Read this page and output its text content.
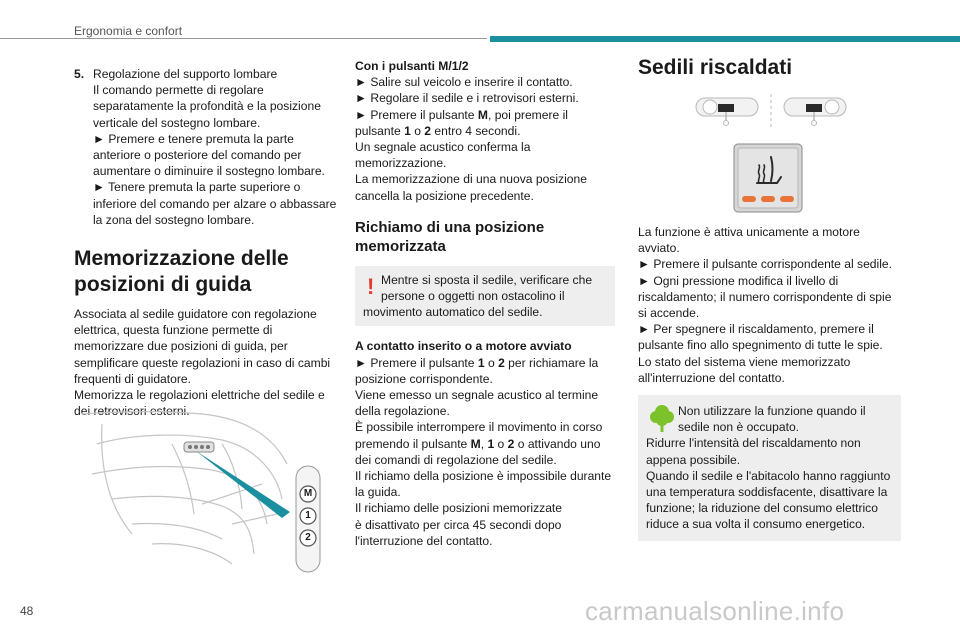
Ergonomia e confort
5. Regolazione del supporto lombare

Il comando permette di regolare

separatamente la profondità e la posizione

verticale del sostegno lombare.

► Premere e tenere premuta la parte

anteriore o posteriore del comando per

aumentare o diminuire il sostegno lombare.

► Tenere premuta la parte superiore o

inferiore del comando per alzare o abbassare

la zona del sostegno lombare.

Memorizzazione delle

posizioni di guida

Associata al sedile guidatore con regolazione

elettrica, questa funzione permette di

memorizzare due posizioni di guida, per

semplificare queste regolazioni in caso di cambi

frequenti di guidatore.

Memorizza le regolazioni elettriche del sedile e

dei retrovisori esterni.

M
1
2

Con i pulsanti M/1/2

► Salire sul veicolo e inserire il contatto.

► Regolare il sedile e i retrovisori esterni.

► Premere il pulsante M, poi premere il

pulsante 1 o 2 entro 4 secondi.

Un segnale acustico conferma la

memorizzazione.

La memorizzazione di una nuova posizione

cancella la posizione precedente.

Richiamo di una posizione

memorizzata

! Mentre si sposta il sedile, verificare che

persone o oggetti non ostacolino il

movimento automatico del sedile.

A contatto inserito o a motore avviato

► Premere il pulsante 1 o 2 per richiamare la

posizione corrispondente.

Viene emesso un segnale acustico al termine

della regolazione.

È possibile interrompere il movimento in corso

premendo il pulsante M, 1 o 2 o attivando uno

dei comandi di regolazione del sedile.

Il richiamo della posizione è impossibile durante

la guida.

Il richiamo delle posizioni memorizzate

è disattivato per circa 45 secondi dopo

l'interruzione del contatto.

Sedili riscaldati

La funzione è attiva unicamente a motore

avviato.

► Premere il pulsante corrispondente al sedile.

► Ogni pressione modifica il livello di

riscaldamento; il numero corrispondente di spie

si accende.

► Per spegnere il riscaldamento, premere il

pulsante fino allo spegnimento di tutte le spie.

Lo stato del sistema viene memorizzato

all'interruzione del contatto.

Non utilizzare la funzione quando il

sedile non è occupato.

Ridurre l'intensità del riscaldamento non

appena possibile.

Quando il sedile e l'abitacolo hanno raggiunto

una temperatura soddisfacente, disattivare la

funzione; la riduzione del consumo elettrico

riduce a sua volta il consumo energetico.

48	carmanualsonline.info
